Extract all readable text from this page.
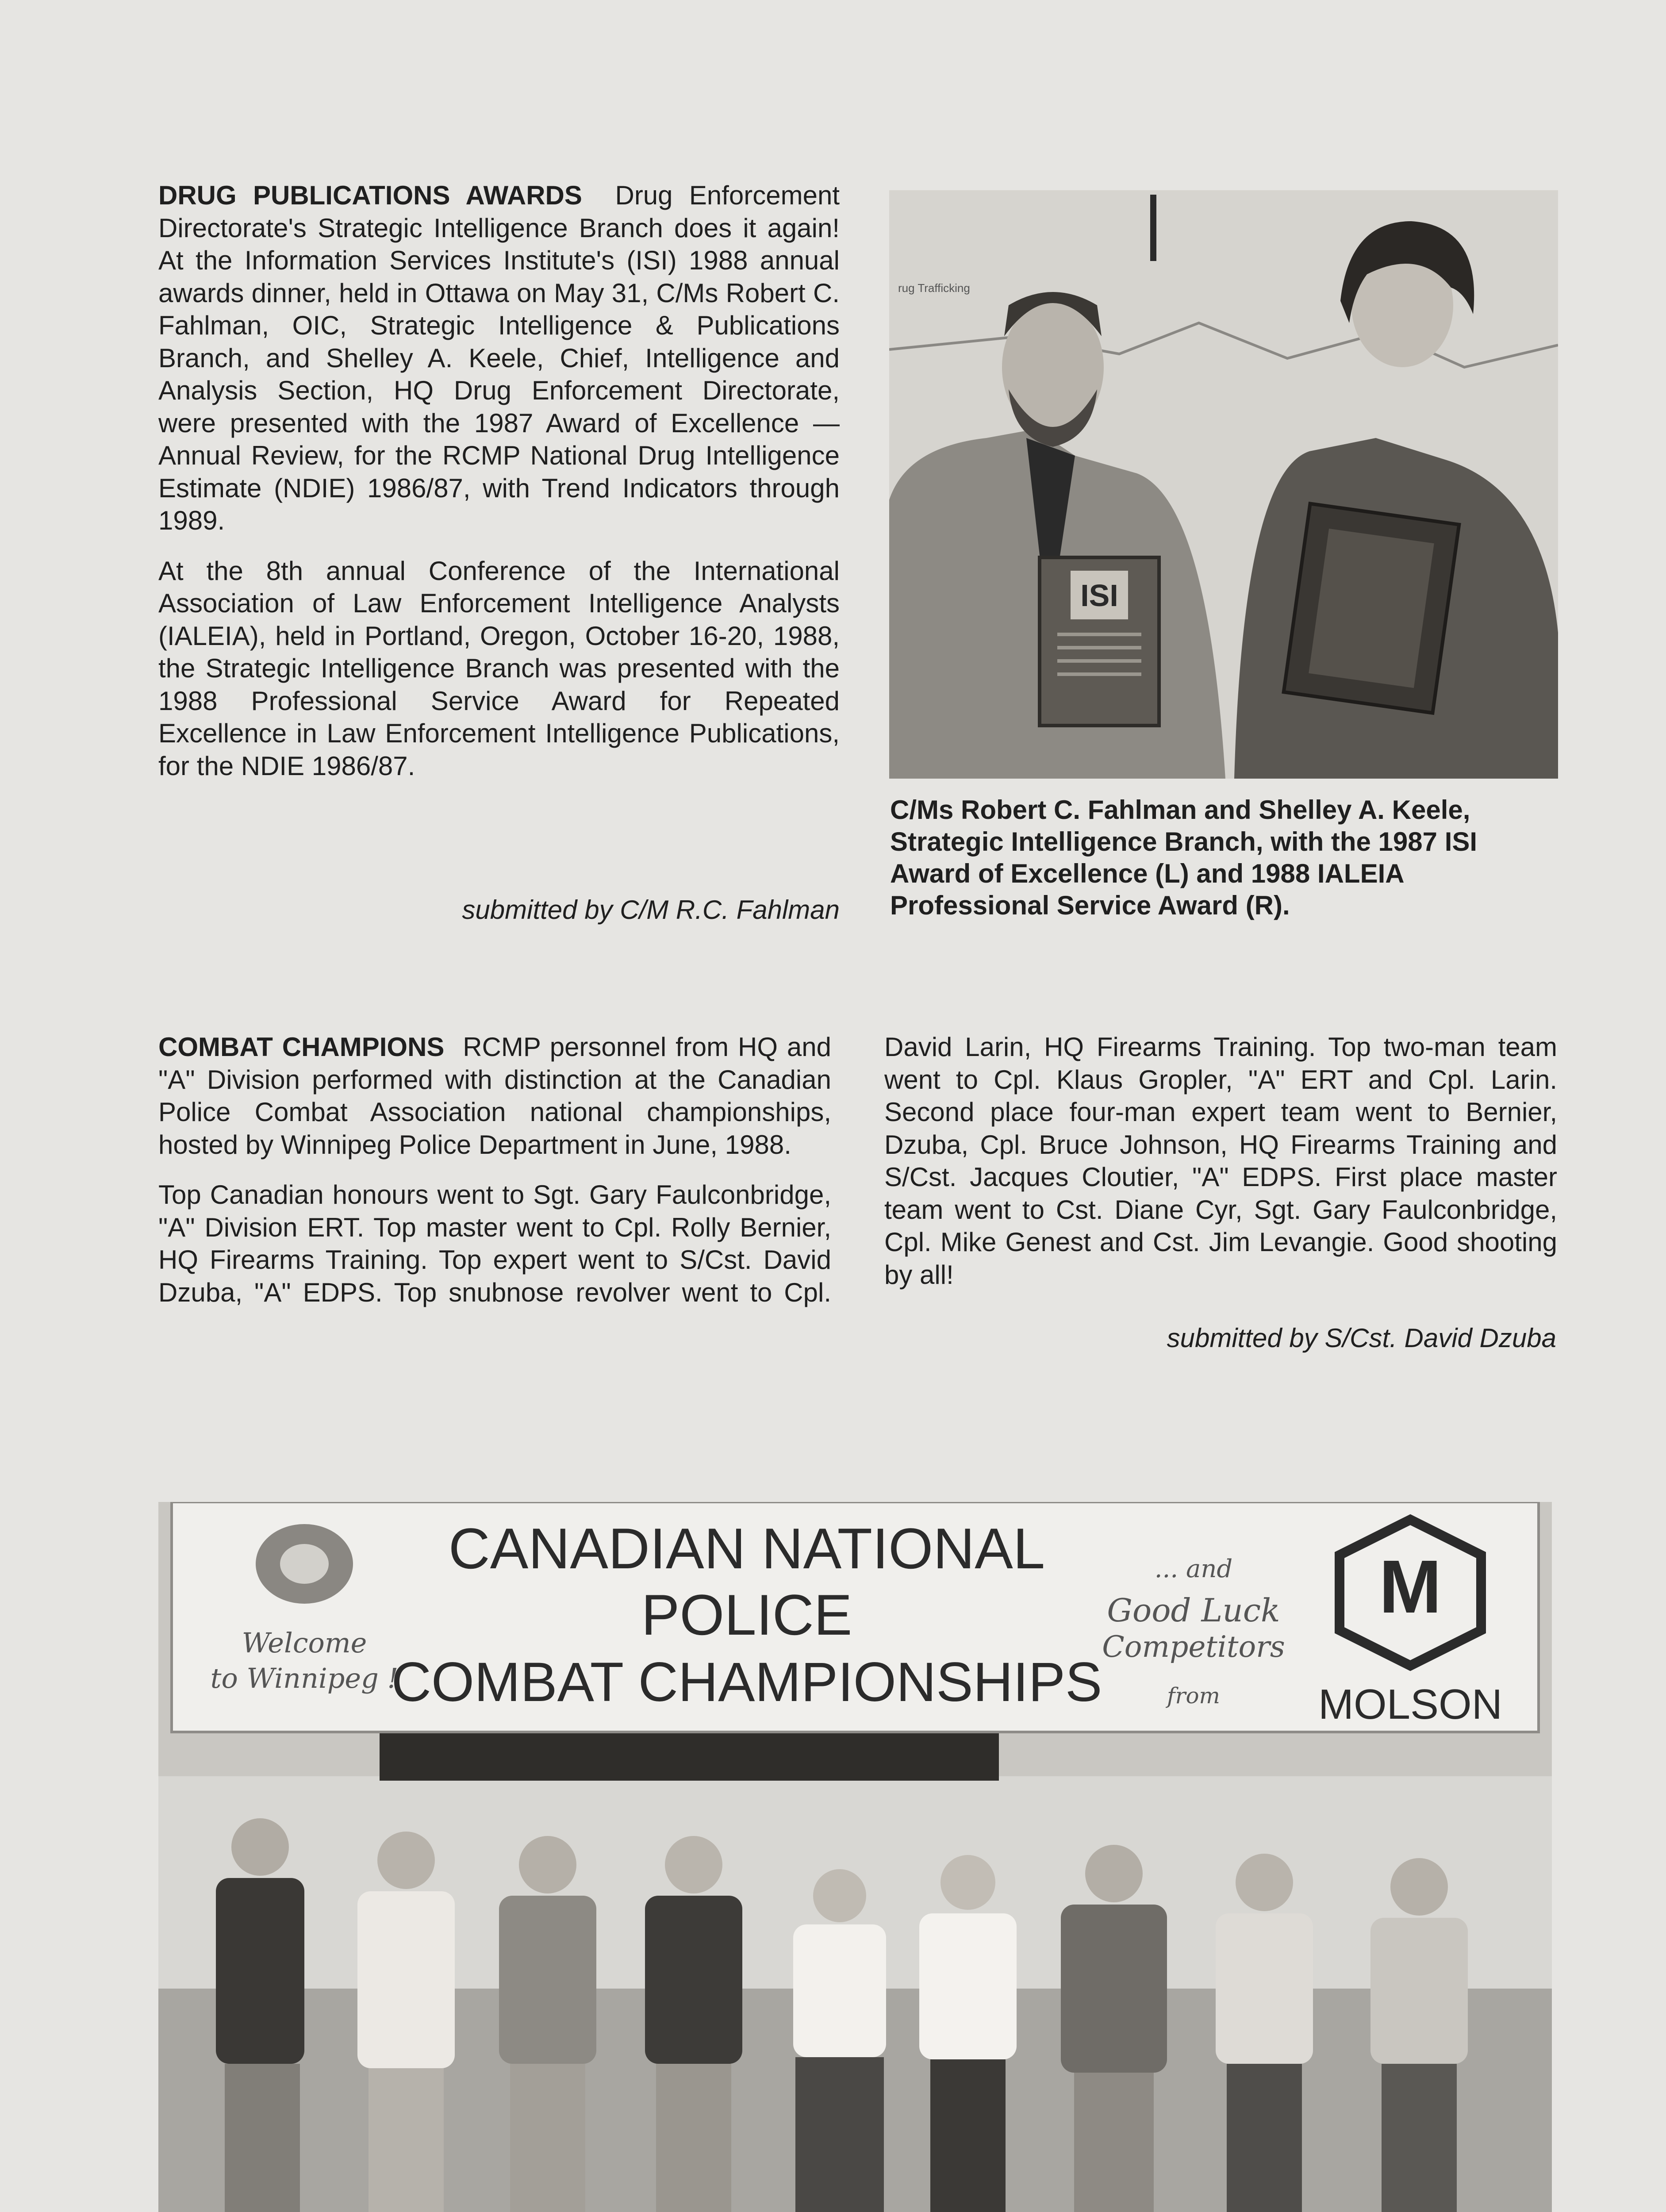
DRUG PUBLICATIONS AWARDS Drug Enforcement Directorate's Strategic Intelligence Branch does it again! At the Information Services Institute's (ISI) 1988 annual awards dinner, held in Ottawa on May 31, C/Ms Robert C. Fahlman, OIC, Strategic Intelligence & Publications Branch, and Shelley A. Keele, Chief, Intelligence and Analysis Section, HQ Drug Enforcement Directorate, were presented with the 1987 Award of Excellence — Annual Review, for the RCMP National Drug Intelligence Estimate (NDIE) 1986/87, with Trend Indicators through 1989.

At the 8th annual Conference of the International Association of Law Enforcement Intelligence Analysts (IALEIA), held in Portland, Oregon, October 16-20, 1988, the Strategic Intelligence Branch was presented with the 1988 Professional Service Award for Repeated Excellence in Law Enforcement Intelligence Publications, for the NDIE 1986/87.

submitted by C/M R.C. Fahlman
rug Trafficking
ISI
C/Ms Robert C. Fahlman and Shelley A. Keele, Strategic Intelligence Branch, with the 1987 ISI Award of Excellence (L) and 1988 IALEIA Professional Service Award (R).

COMBAT CHAMPIONS RCMP personnel from HQ and "A" Division performed with distinction at the Canadian Police Combat Association national championships, hosted by Winnipeg Police Department in June, 1988.

Top Canadian honours went to Sgt. Gary Faulconbridge, "A" Division ERT. Top master went to Cpl. Rolly Bernier, HQ Firearms Training. Top expert went to S/Cst. David Dzuba, "A" EDPS. Top snubnose revolver went to Cpl. David Larin, HQ Firearms Training. Top two-man team went to Cpl. Klaus Gropler, "A" ERT and Cpl. Larin. Second place four-man expert team went to Bernier, Dzuba, Cpl. Bruce Johnson, HQ Firearms Training and S/Cst. Jacques Cloutier, "A" EDPS. First place master team went to Cst. Diane Cyr, Sgt. Gary Faulconbridge, Cpl. Mike Genest and Cst. Jim Levangie. Good shooting by all!

submitted by S/Cst. David Dzuba
CANADIAN NATIONAL
POLICE
COMBAT CHAMPIONSHIPS
Welcome
to Winnipeg !
... and
Good Luck
Competitors
from
M
MOLSON
